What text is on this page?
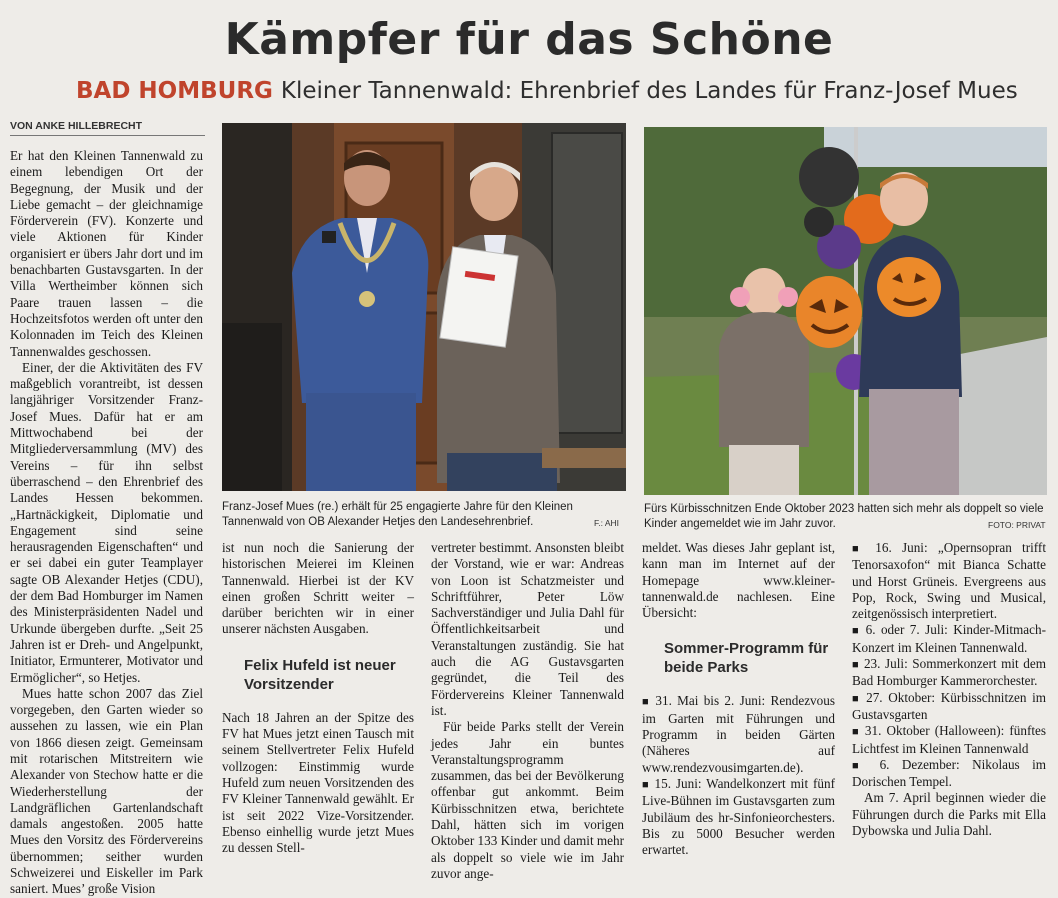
Kämpfer für das Schöne
BAD HOMBURG Kleiner Tannenwald: Ehrenbrief des Landes für Franz-Josef Mues
VON ANKE HILLEBRECHT
Franz-Josef Mues (re.) erhält für 25 engagierte Jahre für den Kleinen Tannenwald von OB Alexander Hetjes den Landesehrenbrief.	F.: AHI
Fürs Kürbisschnitzen Ende Oktober 2023 hatten sich mehr als doppelt so viele Kinder angemeldet wie im Jahr zuvor.	FOTO: PRIVAT

Er hat den Kleinen Tannenwald zu einem lebendigen Ort der Begegnung, der Musik und der Liebe gemacht – der gleichnamige Förderverein (FV). Konzerte und viele Aktionen für Kinder organisiert er übers Jahr dort und im benachbarten Gustavsgarten. In der Villa Wertheimber können sich Paare trauen lassen – die Hochzeitsfotos werden oft unter den Kolonnaden im Teich des Kleinen Tannenwaldes geschossen.

Einer, der die Aktivitäten des FV maßgeblich vorantreibt, ist dessen langjähriger Vorsitzender Franz-Josef Mues. Dafür hat er am Mittwochabend bei der Mitgliederversammlung (MV) des Vereins – für ihn selbst überraschend – den Ehrenbrief des Landes Hessen bekommen. „Hartnäckigkeit, Diplomatie und Engagement sind seine herausragenden Eigenschaften“ und er sei dabei ein guter Teamplayer sagte OB Alexander Hetjes (CDU), der dem Bad Homburger im Namen des Ministerpräsidenten Nadel und Urkunde übergeben durfte. „Seit 25 Jahren ist er Dreh- und Angelpunkt, Initiator, Ermunterer, Motivator und Ermöglicher“, so Hetjes.

Mues hatte schon 2007 das Ziel vorgegeben, den Garten wieder so aussehen zu lassen, wie ein Plan von 1866 diesen zeigt. Gemeinsam mit rotarischen Mitstreitern wie Alexander von Stechow hatte er die Wiederherstellung der Landgräflichen Gartenlandschaft damals angestoßen. 2005 hatte Mues den Vorsitz des Fördervereins übernommen; seither wurden Schweizerei und Eiskeller im Park saniert. Mues’ große Vision

ist nun noch die Sanierung der historischen Meierei im Kleinen Tannenwald. Hierbei ist der KV einen großen Schritt weiter – darüber berichten wir in einer unserer nächsten Ausgaben.

Felix Hufeld ist neuer Vorsitzender

Nach 18 Jahren an der Spitze des FV hat Mues jetzt einen Tausch mit seinem Stellvertreter Felix Hufeld vollzogen: Einstimmig wurde Hufeld zum neuen Vorsitzenden des FV Kleiner Tannenwald gewählt. Er ist seit 2022 Vize-Vorsitzender. Ebenso einhellig wurde jetzt Mues zu dessen Stell-

vertreter bestimmt. Ansonsten bleibt der Vorstand, wie er war: Andreas von Loon ist Schatzmeister und Schriftführer, Peter Löw Sachverständiger und Julia Dahl für Öffentlichkeitsarbeit und Veranstaltungen zuständig. Sie hat auch die AG Gustavsgarten gegründet, die Teil des Fördervereins Kleiner Tannenwald ist.

Für beide Parks stellt der Verein jedes Jahr ein buntes Veranstaltungsprogramm zusammen, das bei der Bevölkerung offenbar gut ankommt. Beim Kürbisschnitzen etwa, berichtete Dahl, hätten sich im vorigen Oktober 133 Kinder und damit mehr als doppelt so viele wie im Jahr zuvor ange-

meldet. Was dieses Jahr geplant ist, kann man im Internet auf der Homepage www.kleiner-tannenwald.de nachlesen. Eine Übersicht:

Sommer-Programm für beide Parks
■ 31. Mai bis 2. Juni: Rendezvous im Garten mit Führungen und Programm in beiden Gärten (Näheres auf www.rendezvousimgarten.de).
■ 15. Juni: Wandelkonzert mit fünf Live-Bühnen im Gustavsgarten zum Jubiläum des hr-Sinfonieorchesters. Bis zu 5000 Besucher werden erwartet.
■ 16. Juni: „Opernsopran trifft Tenorsaxofon“ mit Bianca Schatte und Horst Grüneis. Evergreens aus Pop, Rock, Swing und Musical, zeitgenössisch interpretiert.
■ 6. oder 7. Juli: Kinder-Mitmach-Konzert im Kleinen Tannenwald.
■ 23. Juli: Sommerkonzert mit dem Bad Homburger Kammerorchester.
■ 27. Oktober: Kürbisschnitzen im Gustavsgarten
■ 31. Oktober (Halloween): fünftes Lichtfest im Kleinen Tannenwald
■ 6. Dezember: Nikolaus im Dorischen Tempel.

Am 7. April beginnen wieder die Führungen durch die Parks mit Ella Dybowska und Julia Dahl.
